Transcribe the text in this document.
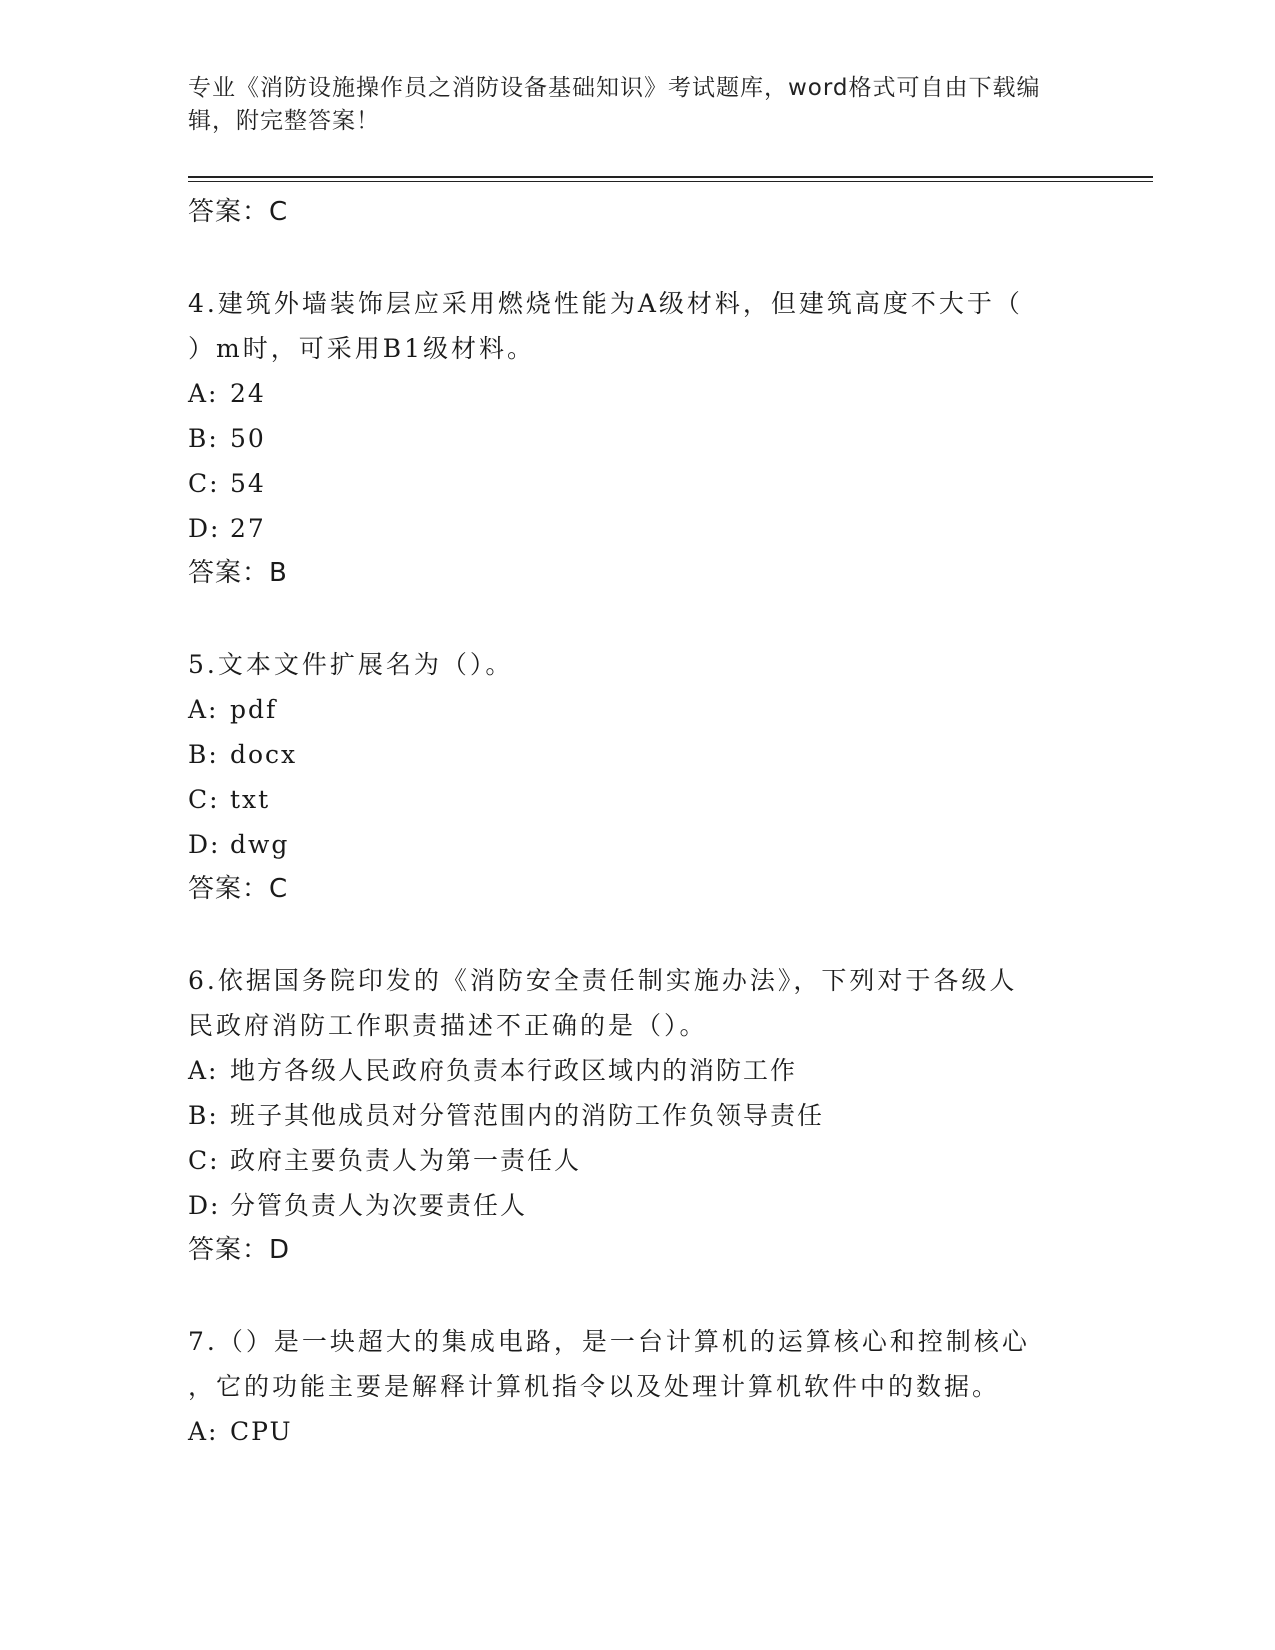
专业《消防设施操作员之消防设备基础知识》考试题库，word格式可自由下载编
辑，附完整答案！
答案：C
4.建筑外墙装饰层应采用燃烧性能为A级材料，但建筑高度不大于（
）m时，可采用B1级材料。
A: 24
B: 50
C: 54
D: 27
答案：B
5.文本文件扩展名为（）。
A: pdf
B: docx
C: txt
D: dwg
答案：C
6.依据国务院印发的《消防安全责任制实施办法》，下列对于各级人
民政府消防工作职责描述不正确的是（）。
A: 地方各级人民政府负责本行政区域内的消防工作
B: 班子其他成员对分管范围内的消防工作负领导责任
C: 政府主要负责人为第一责任人
D: 分管负责人为次要责任人
答案：D
7.（）是一块超大的集成电路，是一台计算机的运算核心和控制核心
，它的功能主要是解释计算机指令以及处理计算机软件中的数据。
A: CPU
